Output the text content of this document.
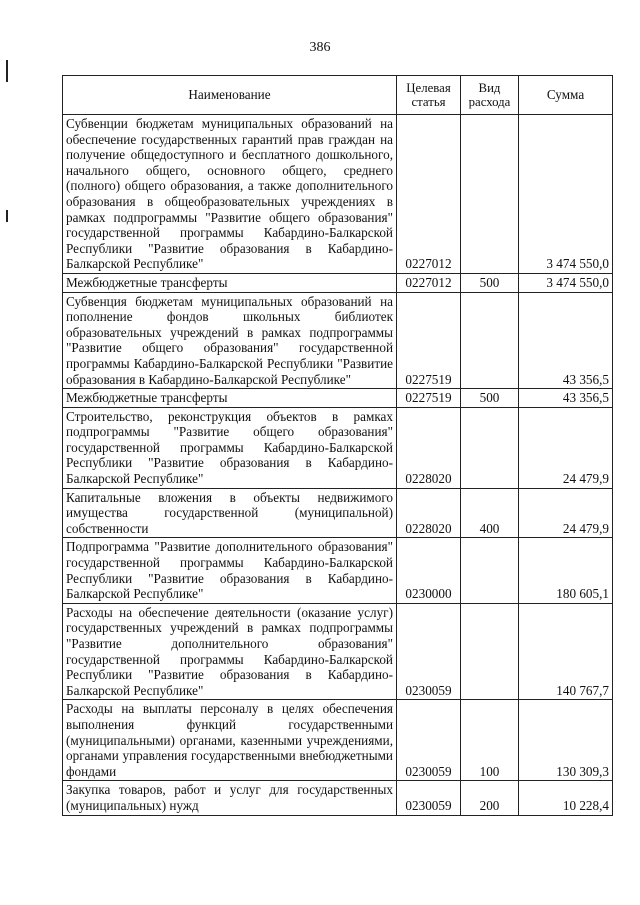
386
Наименование	Целевая статья	Вид расхода	Сумма
Субвенции бюджетам муниципальных образований на обеспечение государственных гарантий прав граждан на получение общедоступного и бесплатного дошкольного, начального общего, основного общего, среднего (полного) общего образования, а также дополнительного образования в общеобразовательных учреждениях в рамках подпрограммы "Развитие общего образования" государственной программы Кабардино-Балкарской Республики "Развитие образования в Кабардино-Балкарской Республике"	0227012		3 474 550,0
Межбюджетные трансферты	0227012	500	3 474 550,0
Субвенция бюджетам муниципальных образований на пополнение фондов школьных библиотек образовательных учреждений в рамках подпрограммы "Развитие общего образования" государственной программы Кабардино-Балкарской Республики "Развитие образования в Кабардино-Балкарской Республике"	0227519		43 356,5
Межбюджетные трансферты	0227519	500	43 356,5
Строительство, реконструкция объектов в рамках подпрограммы "Развитие общего образования" государственной программы Кабардино-Балкарской Республики "Развитие образования в Кабардино-Балкарской Республике"	0228020		24 479,9
Капитальные вложения в объекты недвижимого имущества государственной (муниципальной) собственности	0228020	400	24 479,9
Подпрограмма "Развитие дополнительного образования" государственной программы Кабардино-Балкарской Республики "Развитие образования в Кабардино-Балкарской Республике"	0230000		180 605,1
Расходы на обеспечение деятельности (оказание услуг) государственных учреждений в рамках подпрограммы "Развитие дополнительного образования" государственной программы Кабардино-Балкарской Республики "Развитие образования в Кабардино-Балкарской Республике"	0230059		140 767,7
Расходы на выплаты персоналу в целях обеспечения выполнения функций государственными (муниципальными) органами, казенными учреждениями, органами управления государственными внебюджетными фондами	0230059	100	130 309,3
Закупка товаров, работ и услуг для государственных (муниципальных) нужд	0230059	200	10 228,4
